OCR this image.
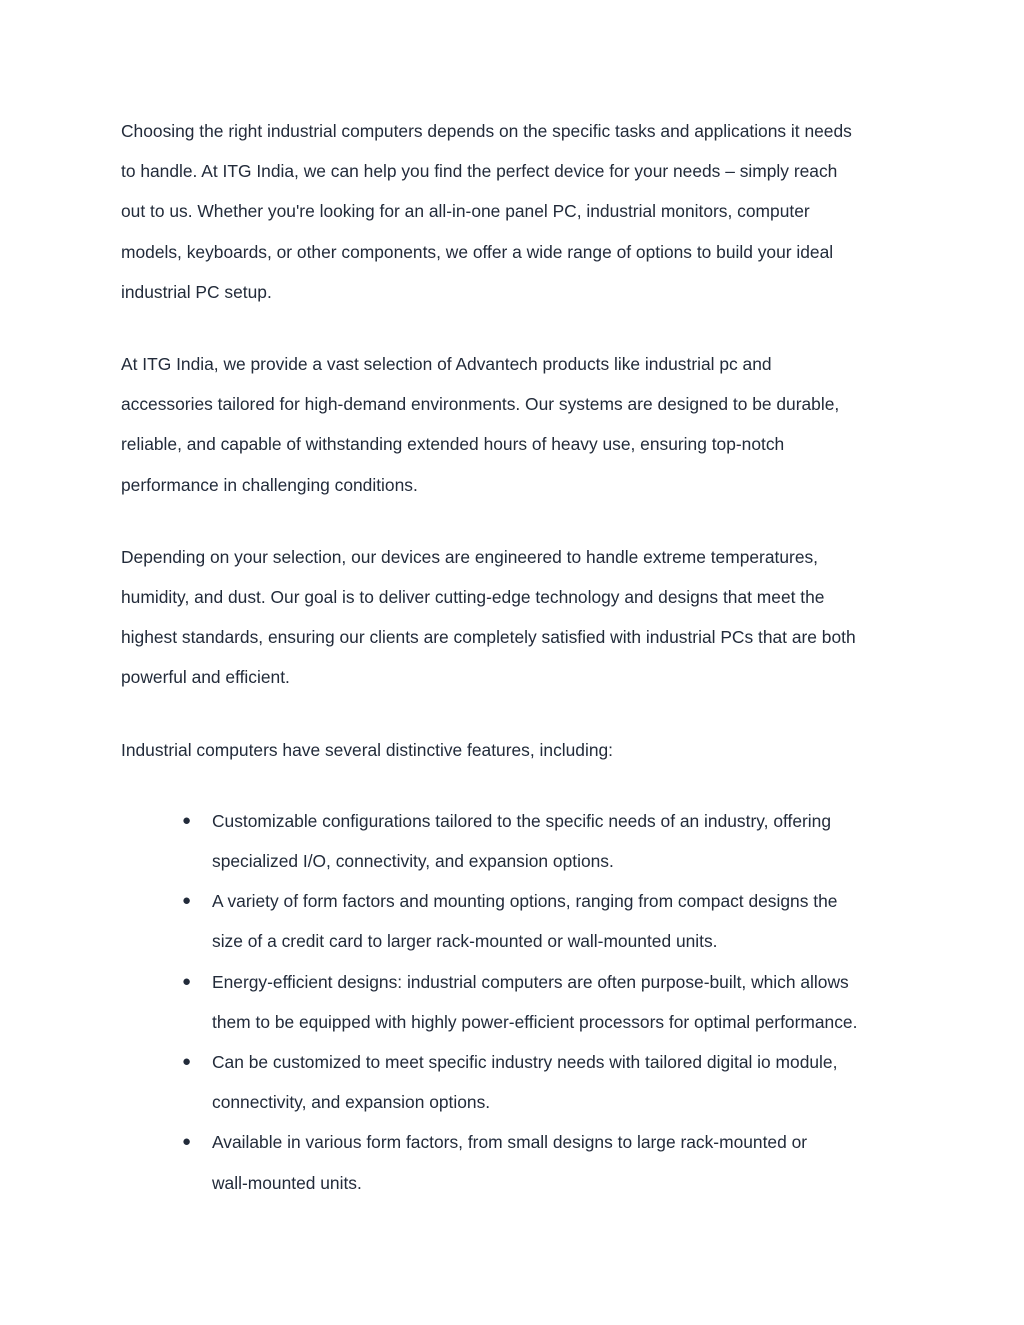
Choosing the right industrial computers depends on the specific tasks and applications it needs
to handle. At ITG India, we can help you find the perfect device for your needs – simply reach
out to us. Whether you're looking for an all-in-one panel PC, industrial monitors, computer
models, keyboards, or other components, we offer a wide range of options to build your ideal
industrial PC setup.

At ITG India, we provide a vast selection of Advantech products like industrial pc and
accessories tailored for high-demand environments. Our systems are designed to be durable,
reliable, and capable of withstanding extended hours of heavy use, ensuring top-notch
performance in challenging conditions.

Depending on your selection, our devices are engineered to handle extreme temperatures,
humidity, and dust. Our goal is to deliver cutting-edge technology and designs that meet the
highest standards, ensuring our clients are completely satisfied with industrial PCs that are both
powerful and efficient.

Industrial computers have several distinctive features, including:

● Customizable configurations tailored to the specific needs of an industry, offering
specialized I/O, connectivity, and expansion options.
● A variety of form factors and mounting options, ranging from compact designs the
size of a credit card to larger rack-mounted or wall-mounted units.
● Energy-efficient designs: industrial computers are often purpose-built, which allows
them to be equipped with highly power-efficient processors for optimal performance.
● Can be customized to meet specific industry needs with tailored digital io module,
connectivity, and expansion options.
● Available in various form factors, from small designs to large rack-mounted or
wall-mounted units.
